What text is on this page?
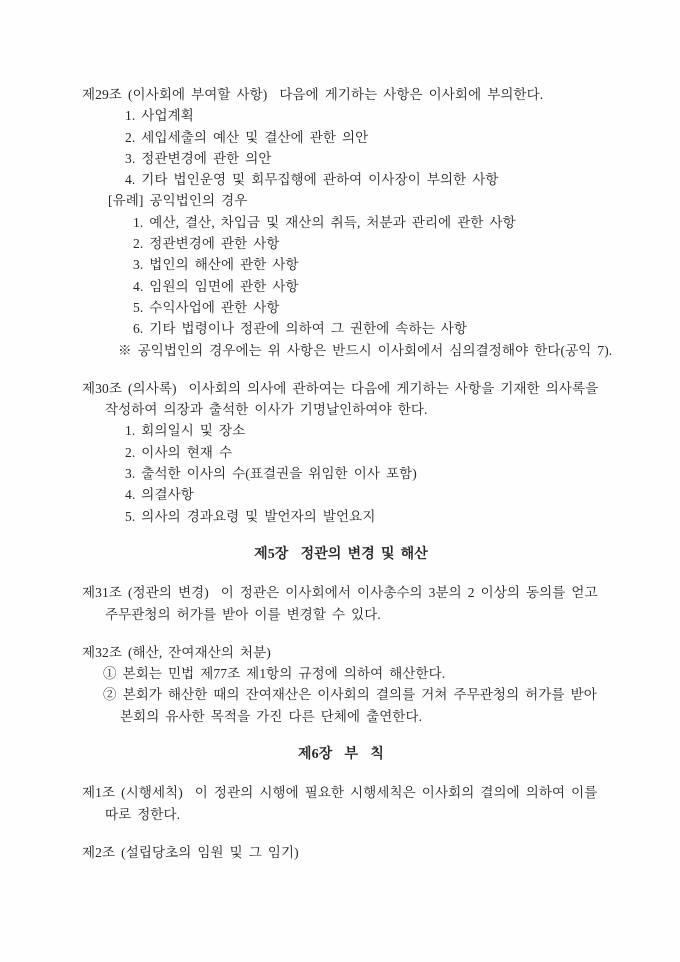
제29조 (이사회에 부여할 사항)  다음에 게기하는 사항은 이사회에 부의한다.
1. 사업계획
2. 세입세출의 예산 및 결산에 관한 의안
3. 정관변경에 관한 의안
4. 기타 법인운영 및 회무집행에 관하여 이사장이 부의한 사항
[유례] 공익법인의 경우
1. 예산, 결산, 차입금 및 재산의 취득, 처분과 관리에 관한 사항
2. 정관변경에 관한 사항
3. 법인의 해산에 관한 사항
4. 임원의 임면에 관한 사항
5. 수익사업에 관한 사항
6. 기타 법령이나 정관에 의하여 그 권한에 속하는 사항
※ 공익법인의 경우에는 위 사항은 반드시 이사회에서 심의결정해야 한다(공익 7).
제30조 (의사록)  이사회의 의사에 관하여는 다음에 게기하는 사항을 기재한 의사록을
작성하여 의장과 출석한 이사가 기명날인하여야 한다.
1. 회의일시 및 장소
2. 이사의 현재 수
3. 출석한 이사의 수(표결권을 위임한 이사 포함)
4. 의결사항
5. 의사의 경과요령 및 발언자의 발언요지
제5장  정관의 변경 및 해산
제31조 (정관의 변경)  이 정관은 이사회에서 이사총수의 3분의 2 이상의 동의를 얻고
주무관청의 허가를 받아 이를 변경할 수 있다.
제32조 (해산, 잔여재산의 처분)
① 본회는 민법 제77조 제1항의 규정에 의하여 해산한다.
② 본회가 해산한 때의 잔여재산은 이사회의 결의를 거쳐 주무관청의 허가를 받아
본회의 유사한 목적을 가진 다른 단체에 출연한다.
제6장  부  칙
제1조 (시행세칙)  이 정관의 시행에 필요한 시행세칙은 이사회의 결의에 의하여 이를
따로 정한다.
제2조 (설립당초의 임원 및 그 임기)
